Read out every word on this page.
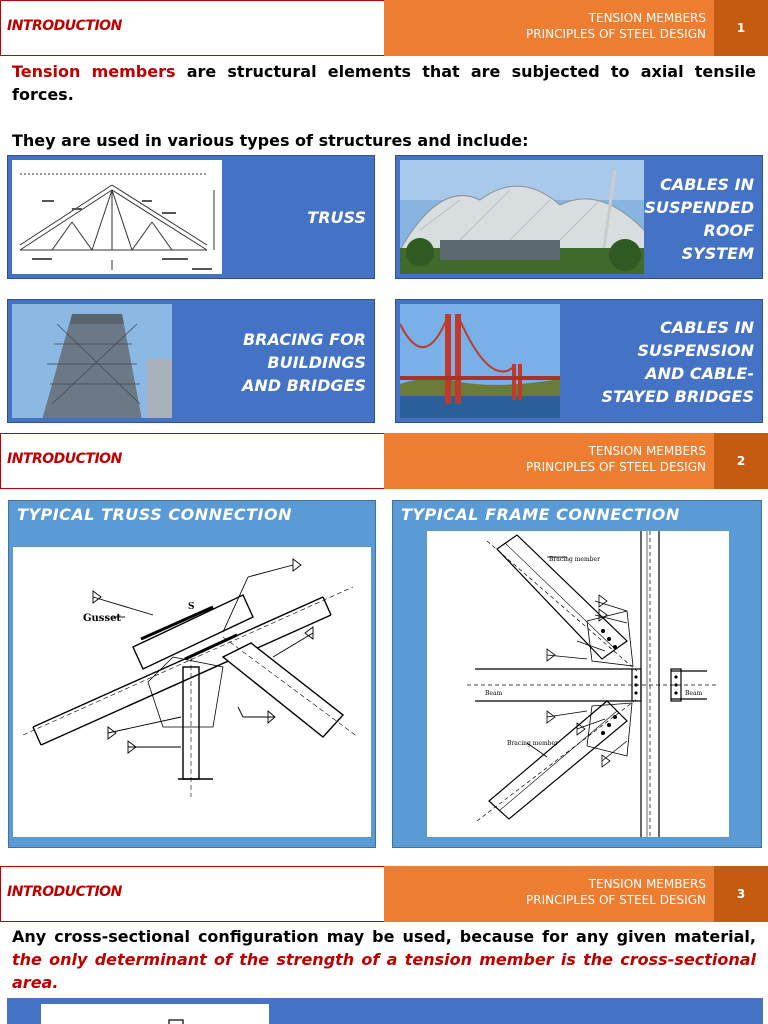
INTRODUCTION	TENSION MEMBERS
PRINCIPLES OF STEEL DESIGN	1
Tension members are structural elements that are subjected to axial tensile forces.
They are used in various types of structures and include:
TRUSS
CABLES IN SUSPENDED ROOF SYSTEM
BRACING FOR BUILDINGS AND BRIDGES
CABLES IN SUSPENSION AND CABLE-STAYED BRIDGES
INTRODUCTION	TENSION MEMBERS
PRINCIPLES OF STEEL DESIGN	2
TYPICAL TRUSS CONNECTION
Gusset
S
TYPICAL FRAME CONNECTION
Bracing member
Bracing member
Beam	Beam
INTRODUCTION	TENSION MEMBERS
PRINCIPLES OF STEEL DESIGN	3
Any cross-sectional configuration may be used, because for any given material, the only determinant of the strength of a tension member is the cross-sectional area.
